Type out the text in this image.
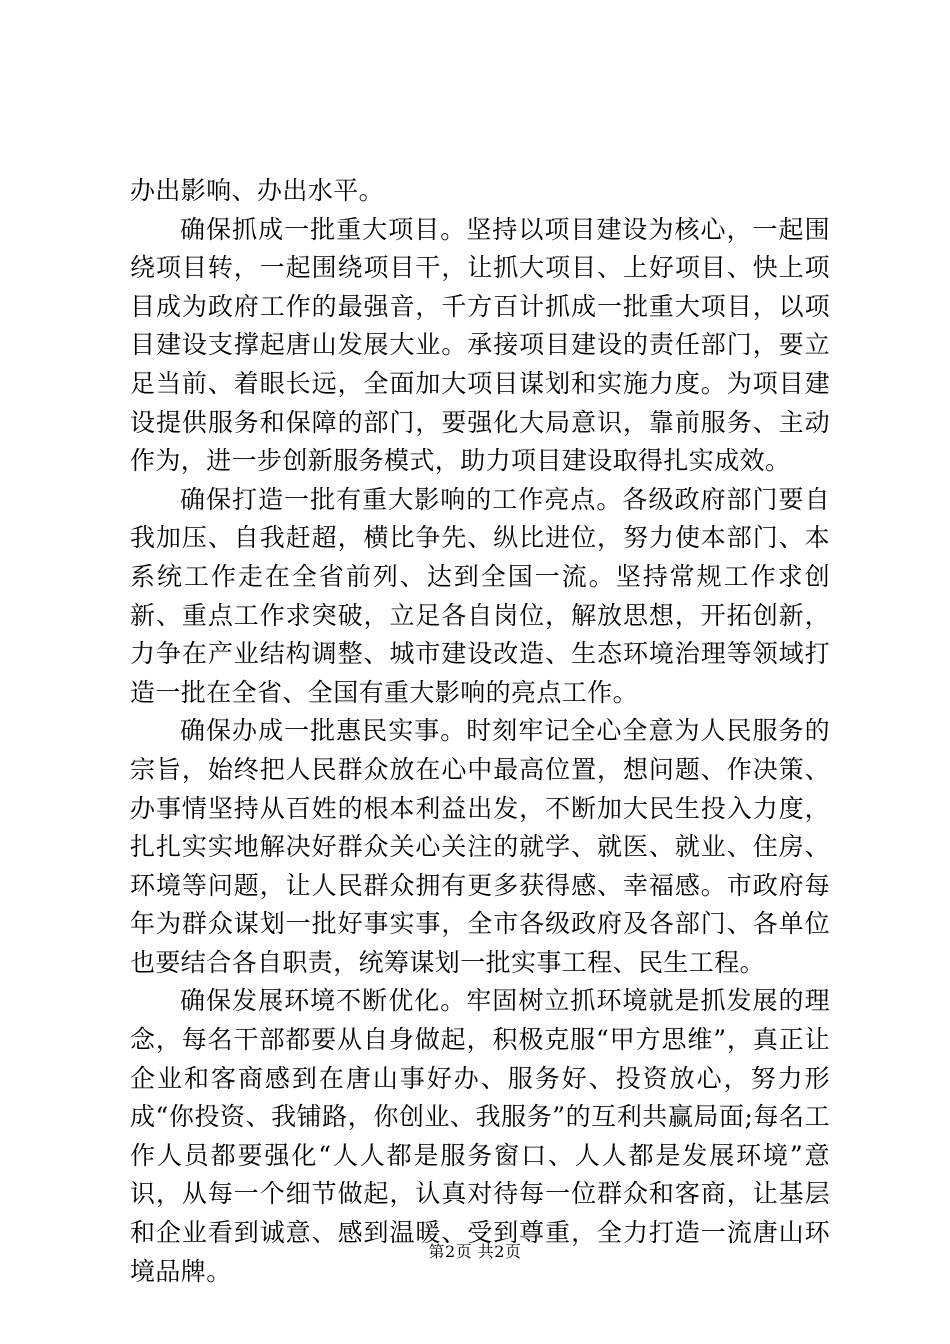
办出影响、办出水平。

确保抓成一批重大项目。坚持以项目建设为核心，一起围绕项目转，一起围绕项目干，让抓大项目、上好项目、快上项目成为政府工作的最强音，千方百计抓成一批重大项目，以项目建设支撑起唐山发展大业。承接项目建设的责任部门，要立足当前、着眼长远，全面加大项目谋划和实施力度。为项目建设提供服务和保障的部门，要强化大局意识，靠前服务、主动作为，进一步创新服务模式，助力项目建设取得扎实成效。

确保打造一批有重大影响的工作亮点。各级政府部门要自我加压、自我赶超，横比争先、纵比进位，努力使本部门、本系统工作走在全省前列、达到全国一流。坚持常规工作求创新、重点工作求突破，立足各自岗位，解放思想，开拓创新，力争在产业结构调整、城市建设改造、生态环境治理等领域打造一批在全省、全国有重大影响的亮点工作。

确保办成一批惠民实事。时刻牢记全心全意为人民服务的宗旨，始终把人民群众放在心中最高位置，想问题、作决策、办事情坚持从百姓的根本利益出发，不断加大民生投入力度，扎扎实实地解决好群众关心关注的就学、就医、就业、住房、环境等问题，让人民群众拥有更多获得感、幸福感。市政府每年为群众谋划一批好事实事，全市各级政府及各部门、各单位也要结合各自职责，统筹谋划一批实事工程、民生工程。

确保发展环境不断优化。牢固树立抓环境就是抓发展的理念，每名干部都要从自身做起，积极克服“甲方思维”，真正让企业和客商感到在唐山事好办、服务好、投资放心，努力形成“你投资、我铺路，你创业、我服务”的互利共赢局面;每名工作人员都要强化“人人都是服务窗口、人人都是发展环境”意识，从每一个细节做起，认真对待每一位群众和客商，让基层和企业看到诚意、感到温暖、受到尊重，全力打造一流唐山环境品牌。

第2页 共2页
